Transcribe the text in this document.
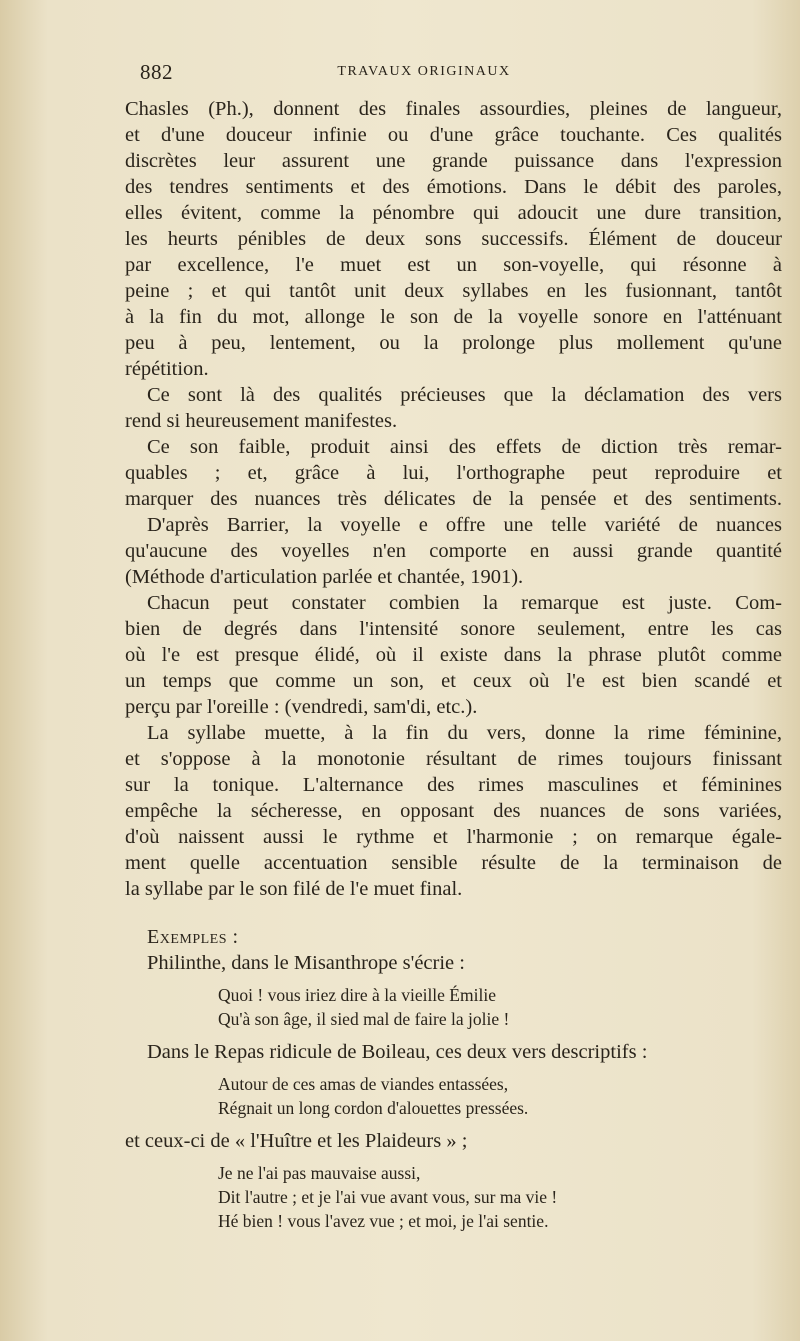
882	TRAVAUX ORIGINAUX
Chasles (Ph.), donnent des finales assourdies, pleines de langueur,
et d'une douceur infinie ou d'une grâce touchante. Ces qualités
discrètes leur assurent une grande puissance dans l'expression
des tendres sentiments et des émotions. Dans le débit des paroles,
elles évitent, comme la pénombre qui adoucit une dure transition,
les heurts pénibles de deux sons successifs. Élément de douceur
par excellence, l'e muet est un son-voyelle, qui résonne à
peine ; et qui tantôt unit deux syllabes en les fusionnant, tantôt
à la fin du mot, allonge le son de la voyelle sonore en l'atténuant
peu à peu, lentement, ou la prolonge plus mollement qu'une
répétition.
Ce sont là des qualités précieuses que la déclamation des vers
rend si heureusement manifestes.
Ce son faible, produit ainsi des effets de diction très remar-
quables ; et, grâce à lui, l'orthographe peut reproduire et
marquer des nuances très délicates de la pensée et des sentiments.
D'après Barrier, la voyelle e offre une telle variété de nuances
qu'aucune des voyelles n'en comporte en aussi grande quantité
(Méthode d'articulation parlée et chantée, 1901).
Chacun peut constater combien la remarque est juste. Com-
bien de degrés dans l'intensité sonore seulement, entre les cas
où l'e est presque élidé, où il existe dans la phrase plutôt comme
un temps que comme un son, et ceux où l'e est bien scandé et
perçu par l'oreille : (vendredi, sam'di, etc.).
La syllabe muette, à la fin du vers, donne la rime féminine,
et s'oppose à la monotonie résultant de rimes toujours finissant
sur la tonique. L'alternance des rimes masculines et féminines
empêche la sécheresse, en opposant des nuances de sons variées,
d'où naissent aussi le rythme et l'harmonie ; on remarque égale-
ment quelle accentuation sensible résulte de la terminaison de
la syllabe par le son filé de l'e muet final.
Exemples :
Philinthe, dans le Misanthrope s'écrie :
Quoi ! vous iriez dire à la vieille Émilie
Qu'à son âge, il sied mal de faire la jolie !
Dans le Repas ridicule de Boileau, ces deux vers descriptifs :
Autour de ces amas de viandes entassées,
Régnait un long cordon d'alouettes pressées.
et ceux-ci de « l'Huître et les Plaideurs » ;
Je ne l'ai pas mauvaise aussi,
Dit l'autre ; et je l'ai vue avant vous, sur ma vie !
Hé bien ! vous l'avez vue ; et moi, je l'ai sentie.
